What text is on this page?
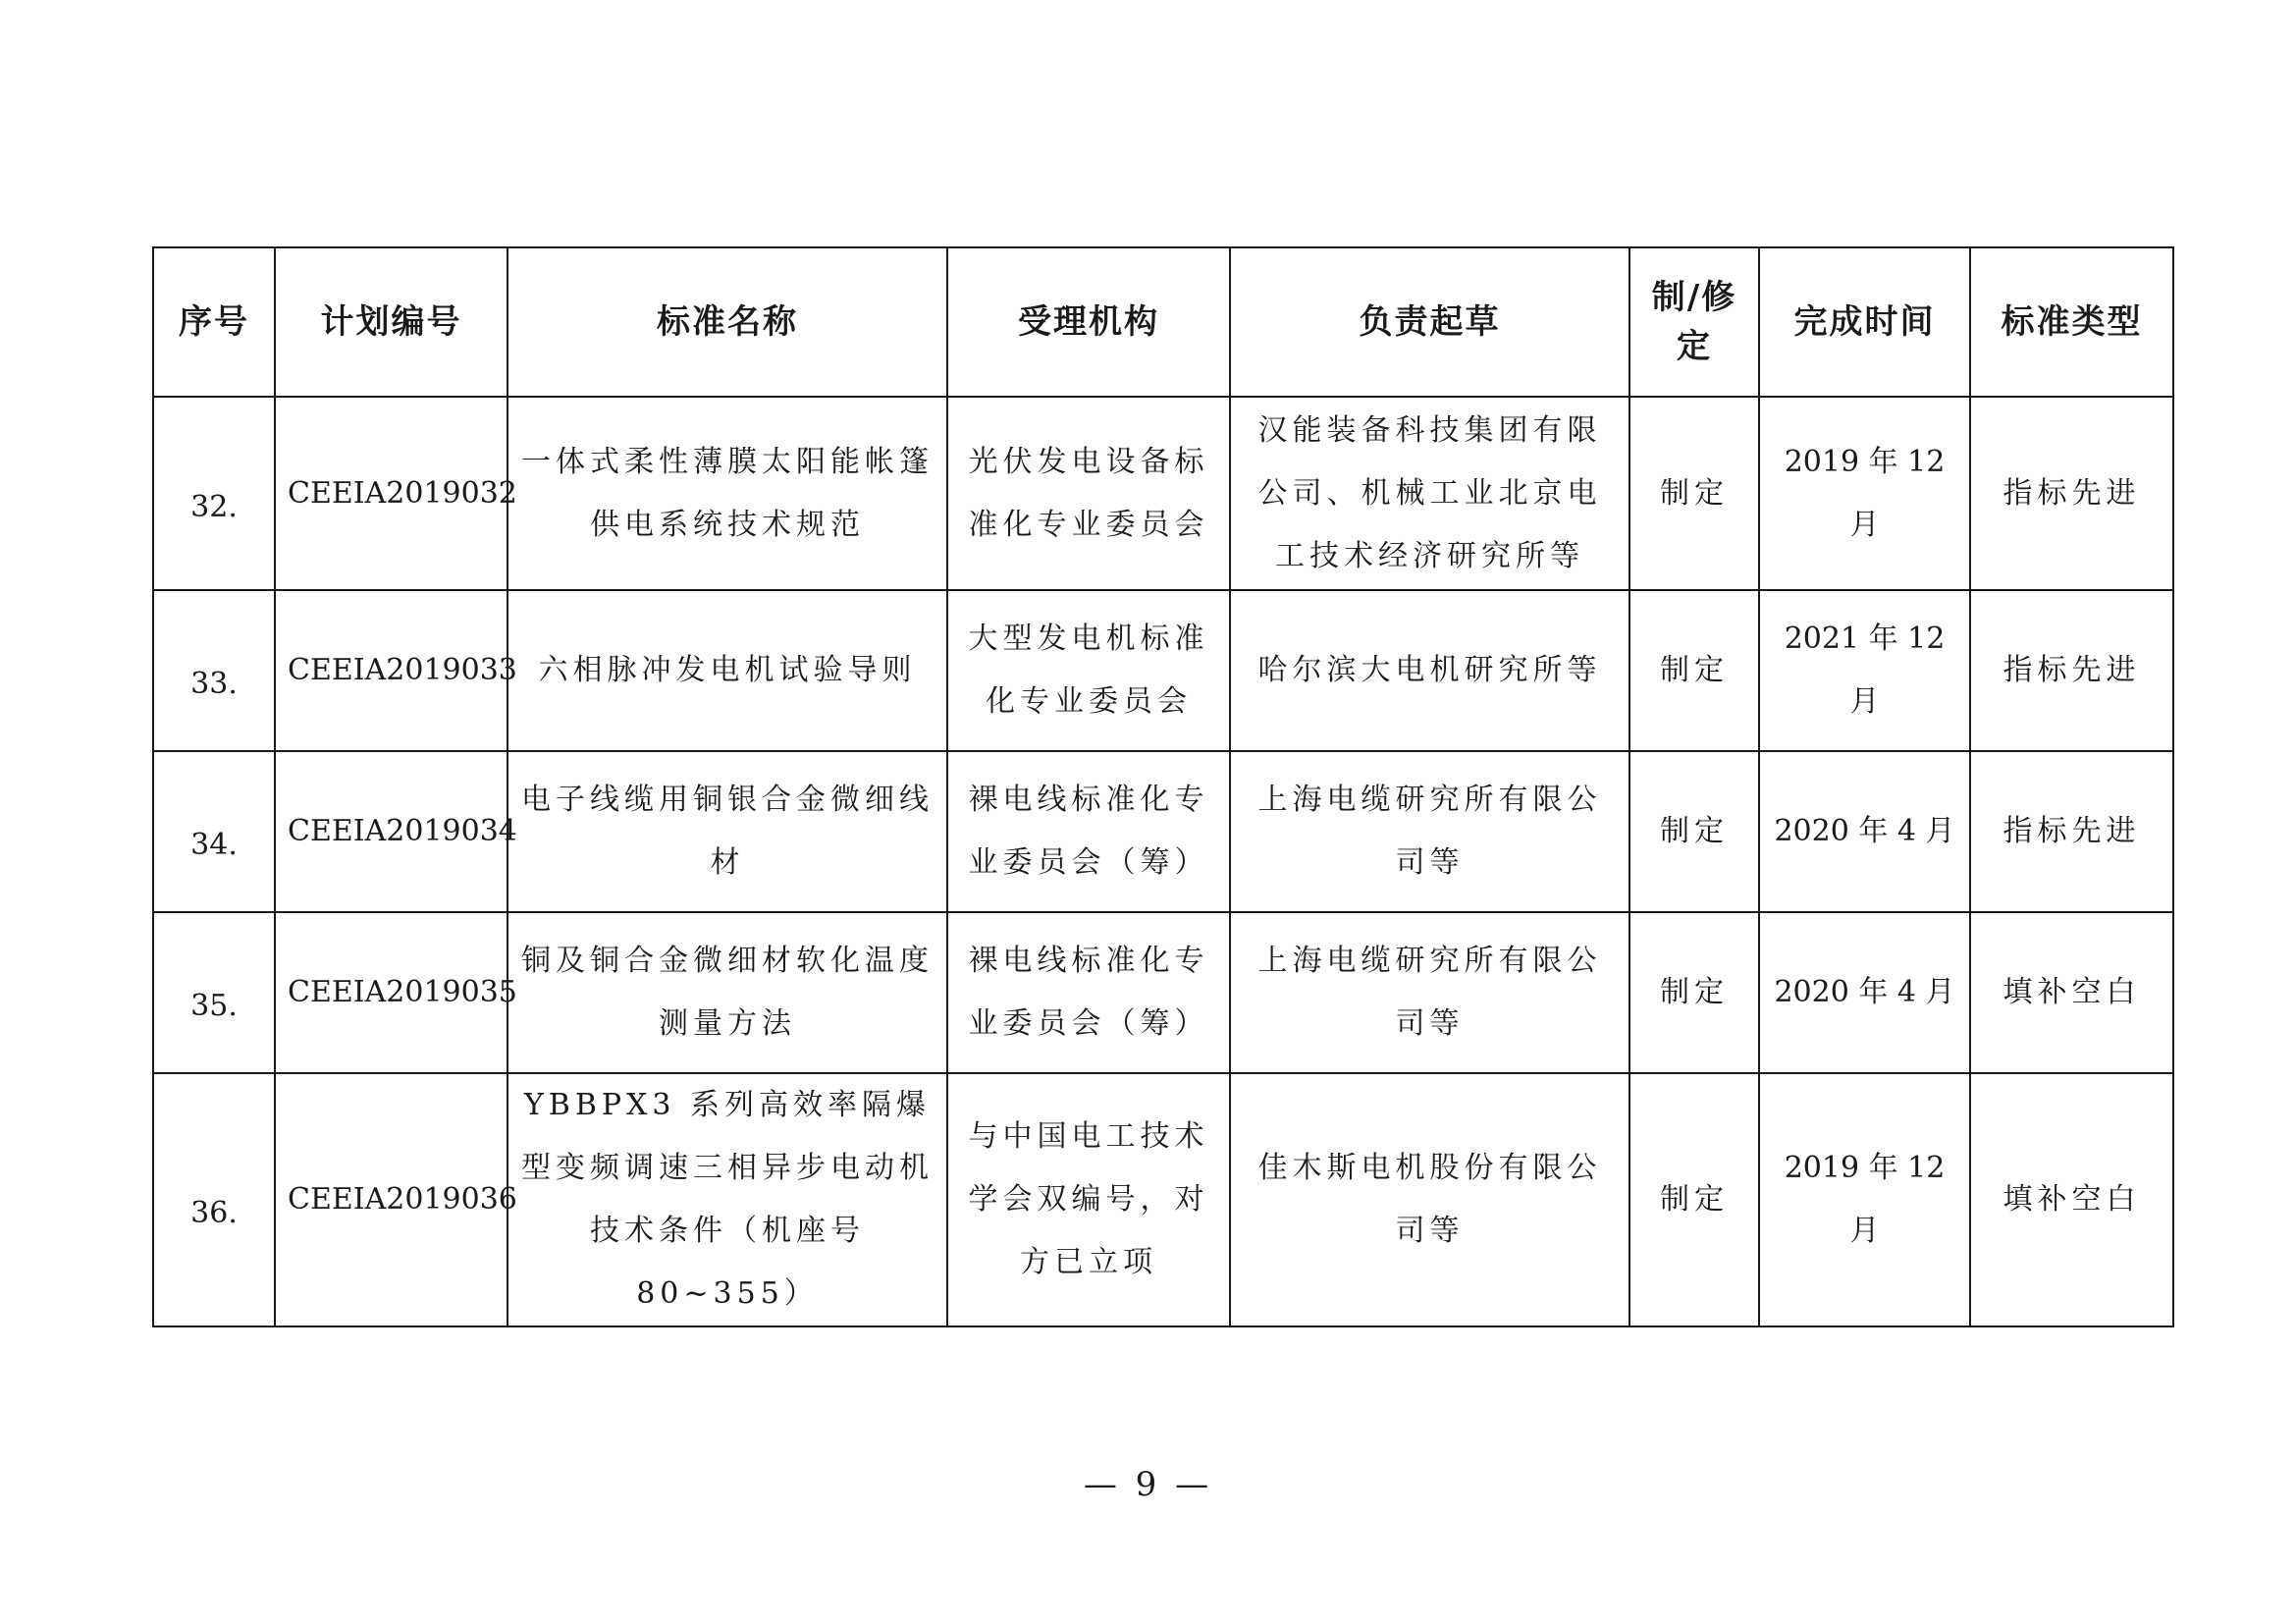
序号	计划编号	标准名称	受理机构	负责起草	制/修定	完成时间	标准类型
32.	CEEIA2019032	一体式柔性薄膜太阳能帐篷供电系统技术规范	光伏发电设备标准化专业委员会	汉能装备科技集团有限公司、机械工业北京电工技术经济研究所等	制定	2019 年 12 月	指标先进
33.	CEEIA2019033	六相脉冲发电机试验导则	大型发电机标准化专业委员会	哈尔滨大电机研究所等	制定	2021 年 12 月	指标先进
34.	CEEIA2019034	电子线缆用铜银合金微细线材	裸电线标准化专业委员会（筹）	上海电缆研究所有限公司等	制定	2020 年 4 月	指标先进
35.	CEEIA2019035	铜及铜合金微细材软化温度测量方法	裸电线标准化专业委员会（筹）	上海电缆研究所有限公司等	制定	2020 年 4 月	填补空白
36.	CEEIA2019036	YBBPX3 系列高效率隔爆型变频调速三相异步电动机技术条件（机座号 80~355）	与中国电工技术学会双编号，对方已立项	佳木斯电机股份有限公司等	制定	2019 年 12 月	填补空白
— 9 —
